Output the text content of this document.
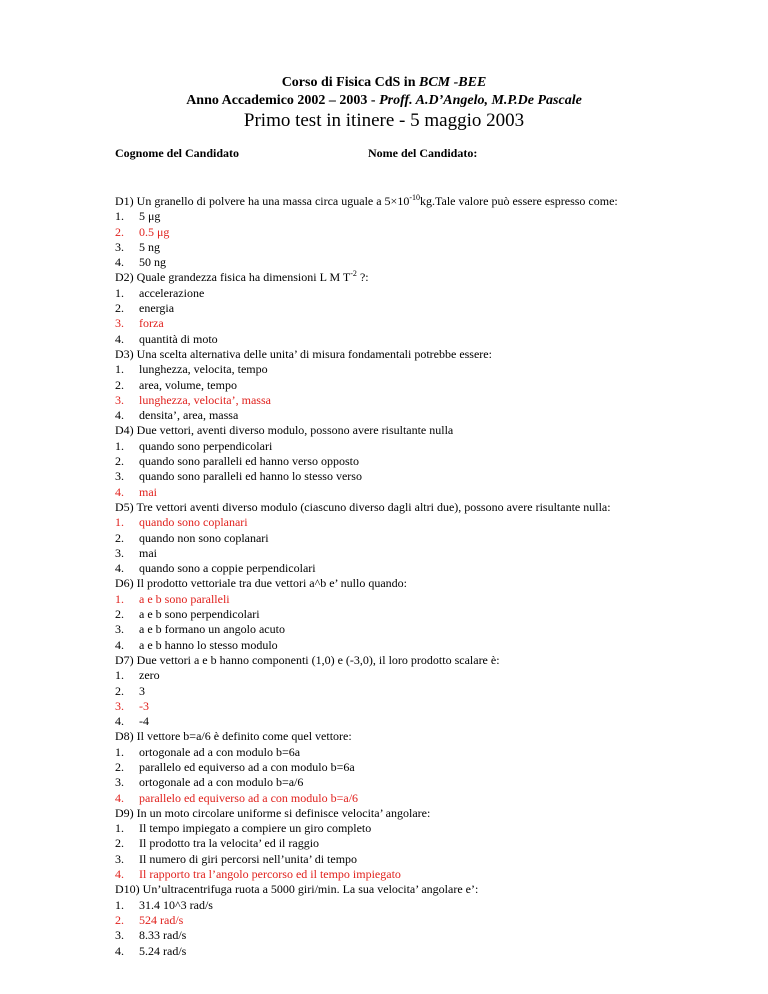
Corso di Fisica CdS in BCM -BEE
Anno Accademico 2002 – 2003 - Proff. A.D’Angelo, M.P.De Pascale
Primo test in itinere - 5 maggio 2003
Cognome del Candidato	Nome del Candidato:
D1) Un granello di polvere ha una massa circa uguale a $5\times 10^{-10}kg.Tale$ valore può essere espresso come:
1.	5 μg
2.	0.5 μg
3.	5 ng
4.	50 ng
D2) Quale grandezza fisica ha dimensioni L M $T^{-2}$ ?:
1.	accelerazione
2.	energia
3.	forza
4.	quantità di moto
D3) Una scelta alternativa delle unita’ di misura fondamentali potrebbe essere:
1.	lunghezza, velocita, tempo
2.	area, volume, tempo
3.	lunghezza, velocita’, massa
4.	densita’, area, massa
D4) Due vettori, aventi diverso modulo, possono avere risultante nulla
1.	quando sono perpendicolari
2.	quando sono paralleli ed hanno verso opposto
3.	quando sono paralleli ed hanno lo stesso verso
4.	mai
D5) Tre vettori aventi diverso modulo (ciascuno diverso dagli altri due), possono avere risultante nulla:
1.	quando sono coplanari
2.	quando non sono coplanari
3.	mai
4.	quando sono a coppie perpendicolari
D6) Il prodotto vettoriale tra due vettori a^b e’ nullo quando:
1.	a e b sono paralleli
2.	a e b sono perpendicolari
3.	a e b formano un angolo acuto
4.	a e b hanno lo stesso modulo
D7) Due vettori a e b hanno componenti (1,0) e (-3,0), il loro prodotto scalare è:
1.	zero
2.	3
3.	-3
4.	-4
D8) Il vettore b=a/6 è definito come quel vettore:
1.	ortogonale ad a con modulo b=6a
2.	parallelo ed equiverso ad a con modulo b=6a
3.	ortogonale ad a con modulo b=a/6
4.	parallelo ed equiverso ad a con modulo b=a/6
D9) In un moto circolare uniforme si definisce velocita’ angolare:
1.	Il tempo impiegato a compiere un giro completo
2.	Il prodotto tra la velocita’ ed il raggio
3.	Il numero di giri percorsi nell’unita’ di tempo
4.	Il rapporto tra l’angolo percorso ed il tempo impiegato
D10) Un’ultracentrifuga ruota a 5000 giri/min. La sua velocita’ angolare e’:
1.	31.4 10^3 rad/s
2.	524 rad/s
3.	8.33 rad/s
4.	5.24 rad/s
